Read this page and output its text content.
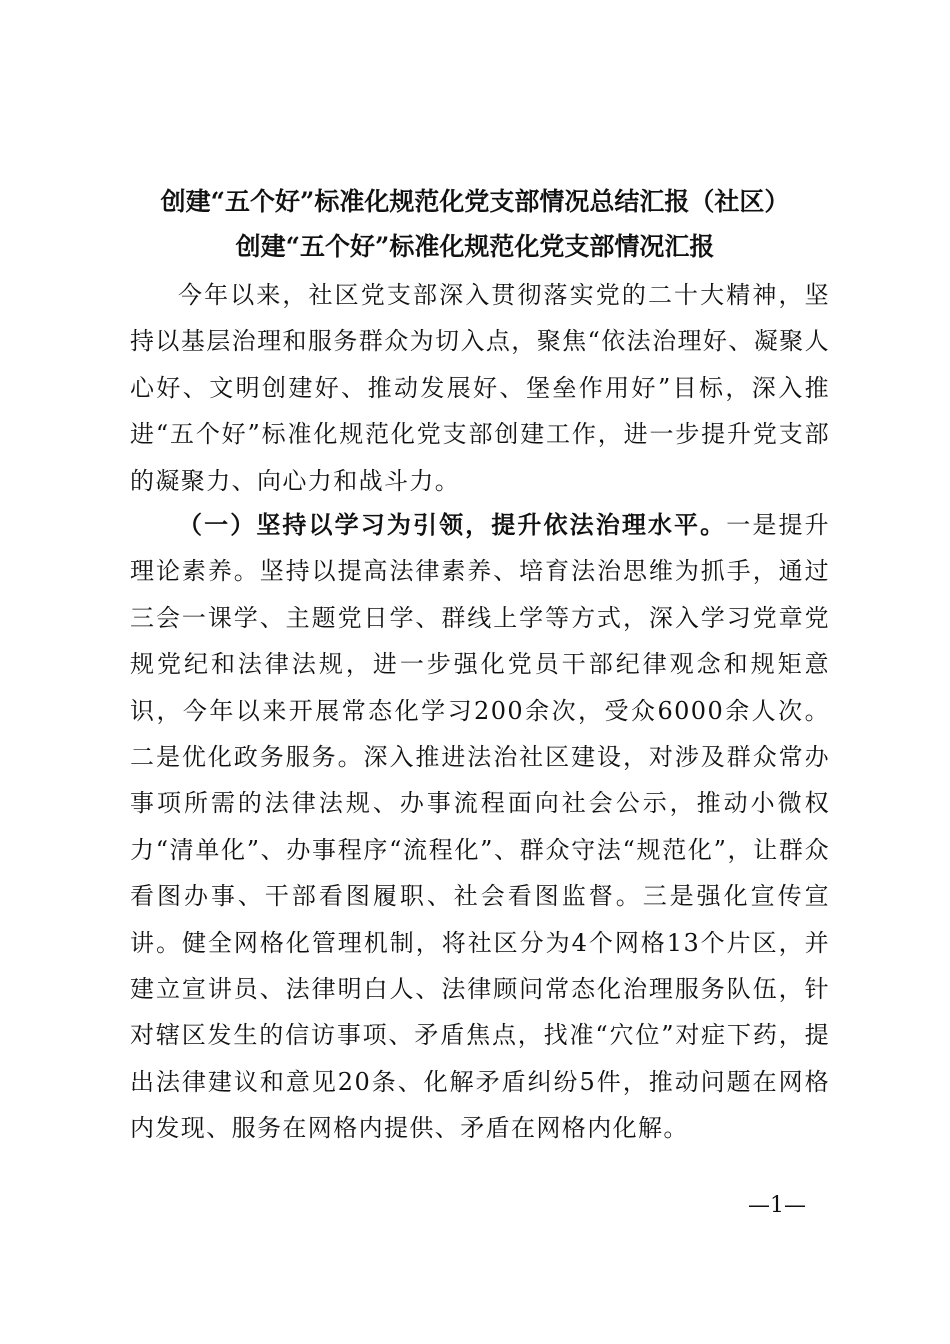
创建“五个好”标准化规范化党支部情况总结汇报（社区）
创建“五个好”标准化规范化党支部情况汇报

今年以来，社区党支部深入贯彻落实党的二十大精神，坚持以基层治理和服务群众为切入点，聚焦“依法治理好、凝聚人心好、文明创建好、推动发展好、堡垒作用好”目标，深入推进“五个好”标准化规范化党支部创建工作，进一步提升党支部的凝聚力、向心力和战斗力。

（一）坚持以学习为引领，提升依法治理水平。一是提升理论素养。坚持以提高法律素养、培育法治思维为抓手，通过三会一课学、主题党日学、群线上学等方式，深入学习党章党规党纪和法律法规，进一步强化党员干部纪律观念和规矩意识，今年以来开展常态化学习200余次，受众6000余人次。二是优化政务服务。深入推进法治社区建设，对涉及群众常办事项所需的法律法规、办事流程面向社会公示，推动小微权力“清单化”、办事程序“流程化”、群众守法“规范化”，让群众看图办事、干部看图履职、社会看图监督。三是强化宣传宣讲。健全网格化管理机制，将社区分为4个网格13个片区，并建立宣讲员、法律明白人、法律顾问常态化治理服务队伍，针对辖区发生的信访事项、矛盾焦点，找准“穴位”对症下药，提出法律建议和意见20条、化解矛盾纠纷5件，推动问题在网格内发现、服务在网格内提供、矛盾在网格内化解。

—1—
